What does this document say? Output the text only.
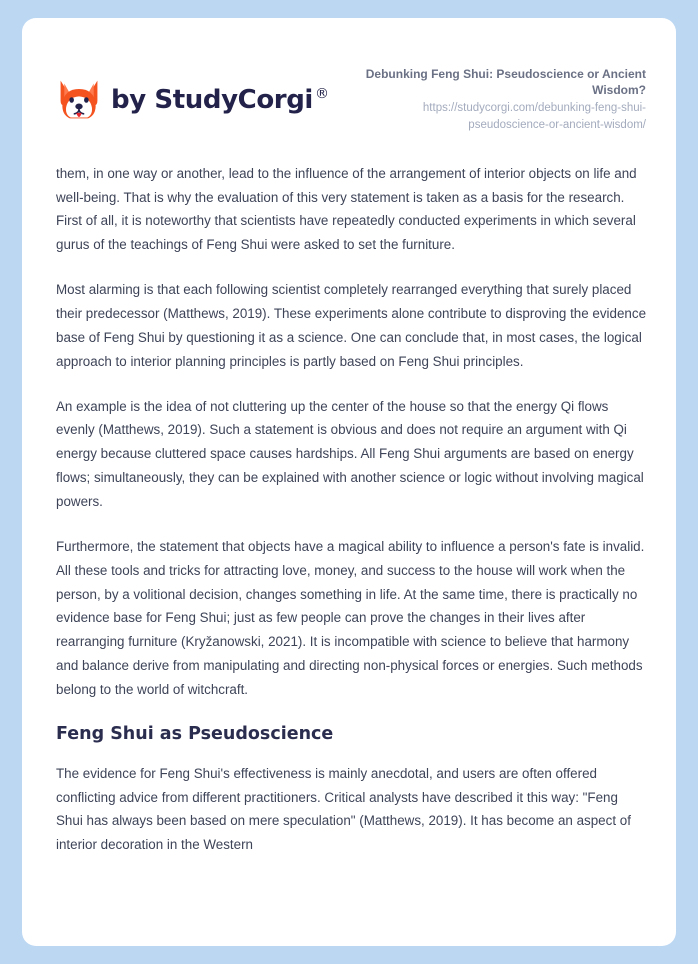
by StudyCorgi ®

Debunking Feng Shui: Pseudoscience or Ancient Wisdom?

https://studycorgi.com/debunking-feng-shui-pseudoscience-or-ancient-wisdom/

them, in one way or another, lead to the influence of the arrangement of interior objects on life and well-being. That is why the evaluation of this very statement is taken as a basis for the research. First of all, it is noteworthy that scientists have repeatedly conducted experiments in which several gurus of the teachings of Feng Shui were asked to set the furniture.

Most alarming is that each following scientist completely rearranged everything that surely placed their predecessor (Matthews, 2019). These experiments alone contribute to disproving the evidence base of Feng Shui by questioning it as a science. One can conclude that, in most cases, the logical approach to interior planning principles is partly based on Feng Shui principles.

An example is the idea of not cluttering up the center of the house so that the energy Qi flows evenly (Matthews, 2019). Such a statement is obvious and does not require an argument with Qi energy because cluttered space causes hardships. All Feng Shui arguments are based on energy flows; simultaneously, they can be explained with another science or logic without involving magical powers.

Furthermore, the statement that objects have a magical ability to influence a person's fate is invalid. All these tools and tricks for attracting love, money, and success to the house will work when the person, by a volitional decision, changes something in life. At the same time, there is practically no evidence base for Feng Shui; just as few people can prove the changes in their lives after rearranging furniture (Kryžanowski, 2021). It is incompatible with science to believe that harmony and balance derive from manipulating and directing non-physical forces or energies. Such methods belong to the world of witchcraft.

Feng Shui as Pseudoscience

The evidence for Feng Shui's effectiveness is mainly anecdotal, and users are often offered conflicting advice from different practitioners. Critical analysts have described it this way: "Feng Shui has always been based on mere speculation" (Matthews, 2019). It has become an aspect of interior decoration in the Western
